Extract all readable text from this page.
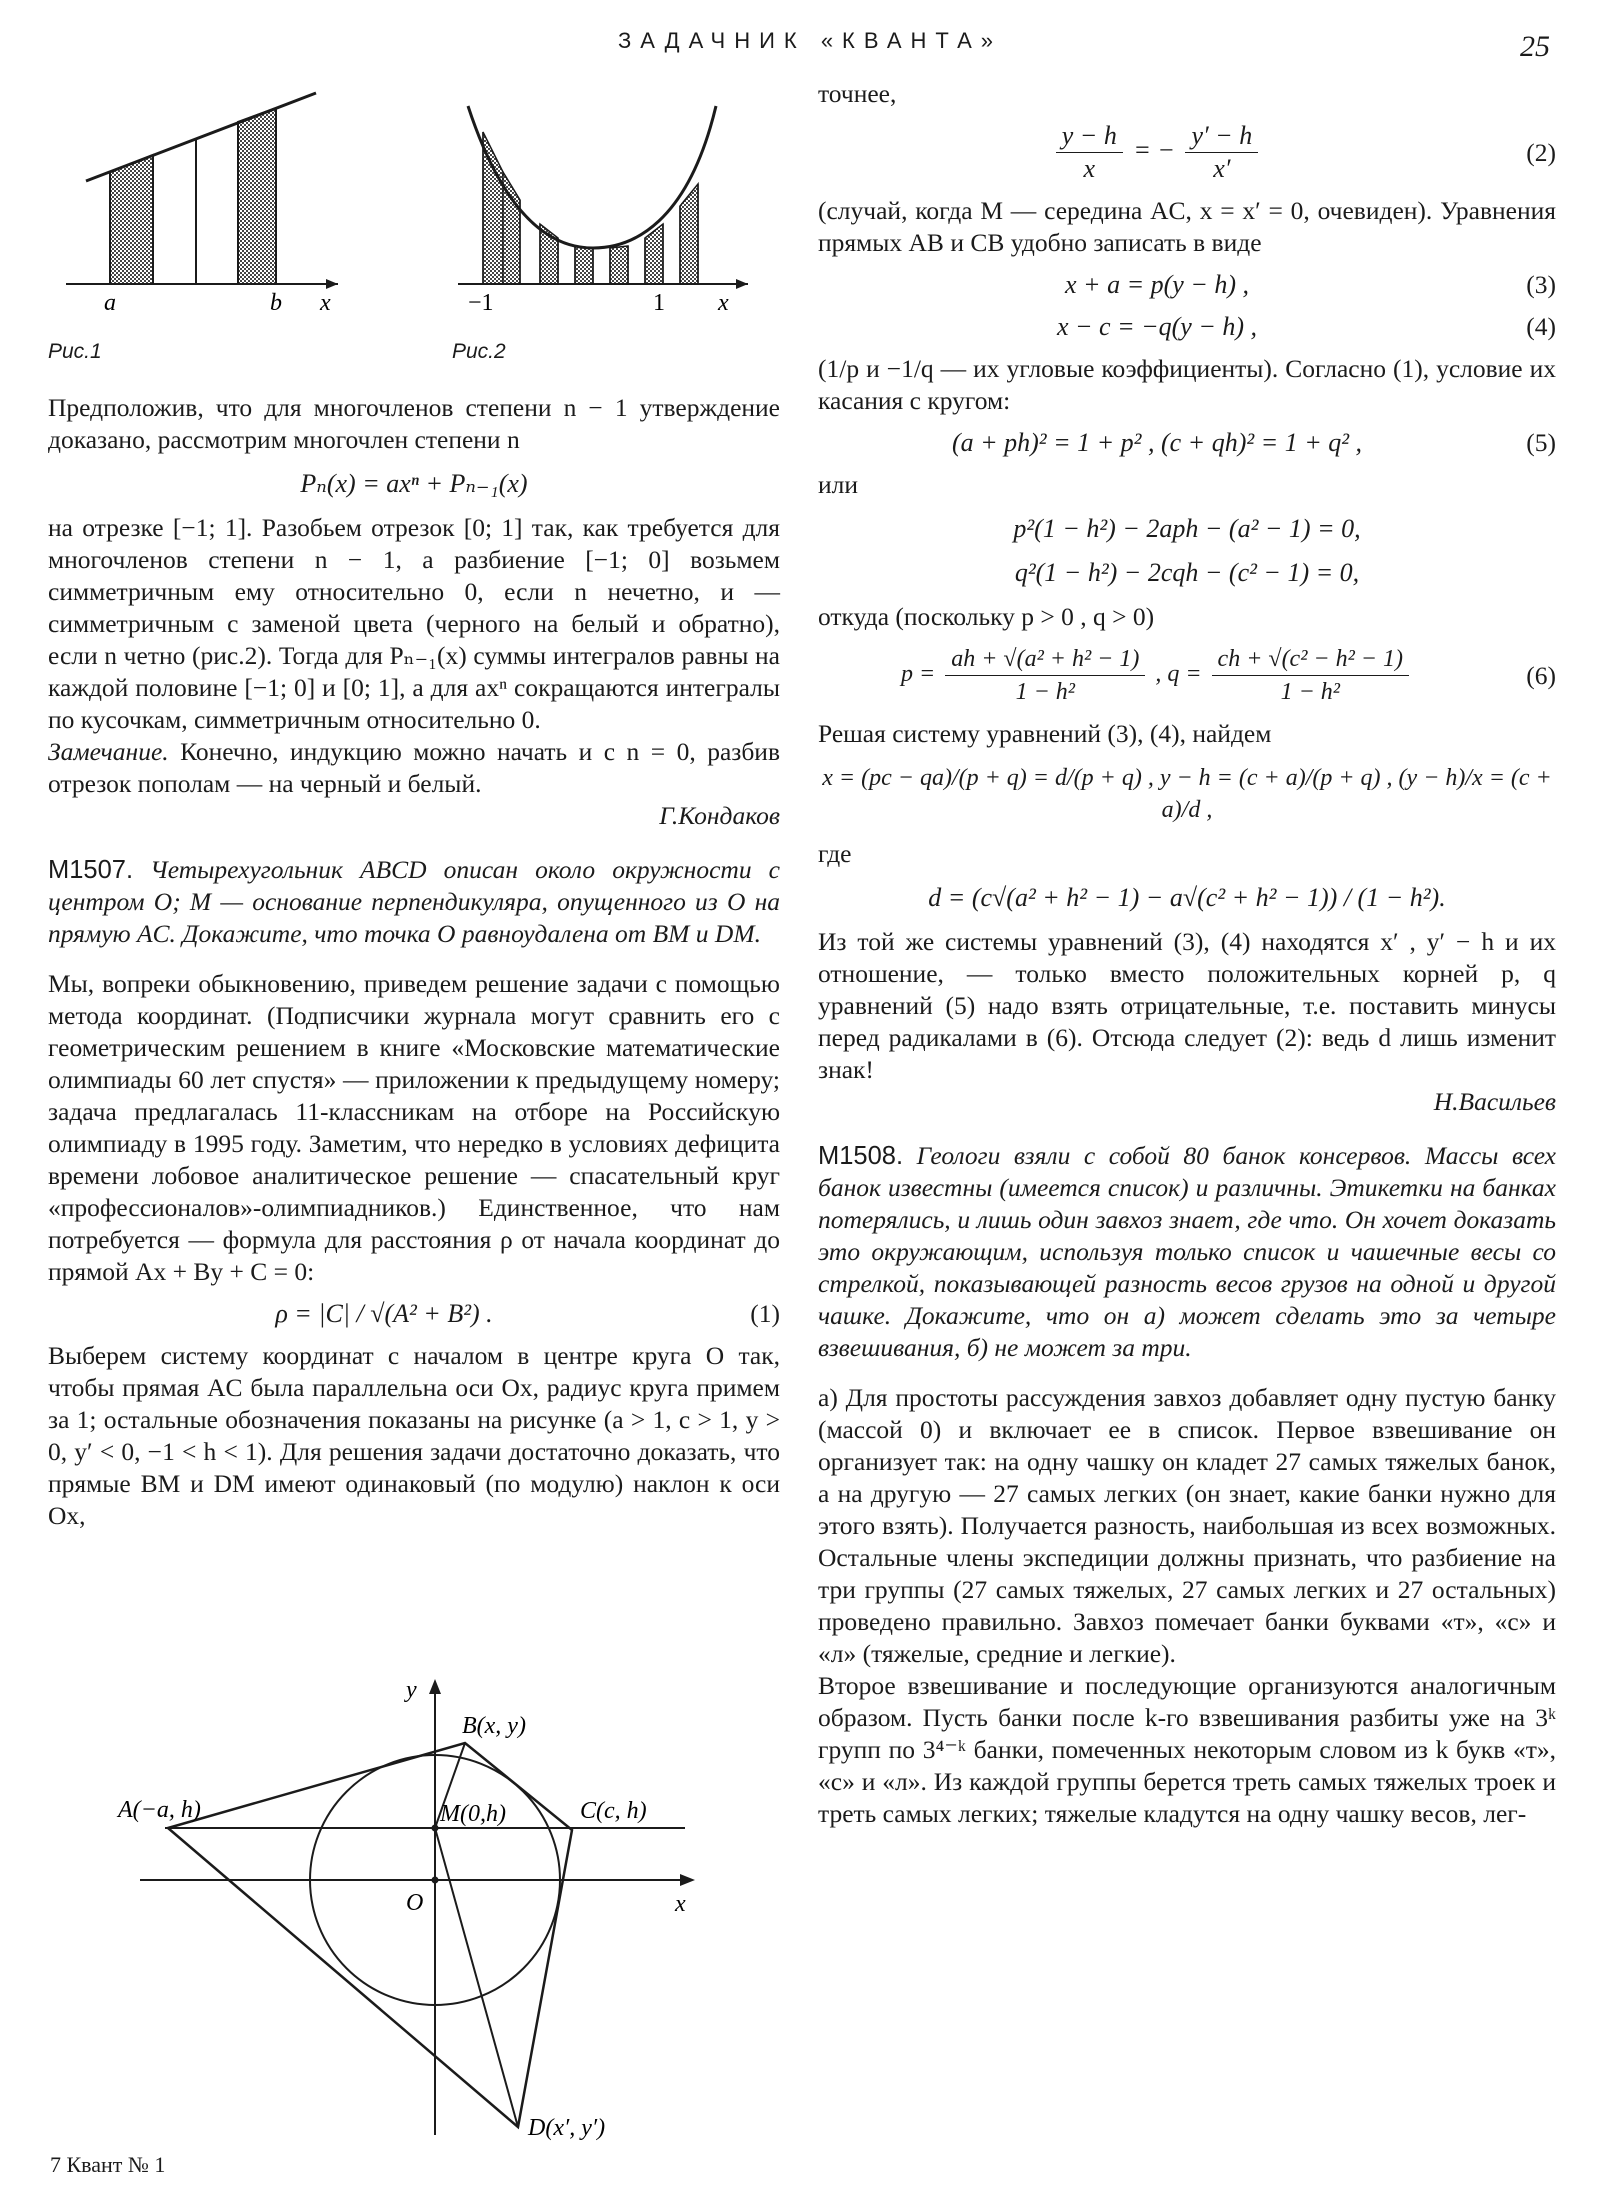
ЗАДАЧНИК «КВАНТА»	25
7 Квант № 1
a	b x
Рис.1
−1	1 x
Рис.2

Предположив, что для многочленов степени n − 1 утверждение доказано, рассмотрим многочлен степени n

Pₙ(x) = axⁿ + Pₙ₋₁(x)

на отрезке [−1; 1]. Разобьем отрезок [0; 1] так, как требуется для многочленов степени n − 1, а разбиение [−1; 0] возьмем симметричным ему относительно 0, если n нечетно, и — симметричным с заменой цвета (черного на белый и обратно), если n четно (рис.2). Тогда для Pₙ₋₁(x) суммы интегралов равны на каждой половине [−1; 0] и [0; 1], а для axⁿ сокращаются интегралы по кусочкам, симметричным относительно 0.

Замечание. Конечно, индукцию можно начать и с n = 0, разбив отрезок пополам — на черный и белый.

Г.Кондаков

М1507. Четырехугольник ABCD описан около окружности с центром O; M — основание перпендикуляра, опущенного из O на прямую AC. Докажите, что точка O равноудалена от BM и DM.

Мы, вопреки обыкновению, приведем решение задачи с помощью метода координат. (Подписчики журнала могут сравнить его с геометрическим решением в книге «Московские математические олимпиады 60 лет спустя» — приложении к предыдущему номеру; задача предлагалась 11-классникам на отборе на Российскую олимпиаду в 1995 году. Заметим, что нередко в условиях дефицита времени лобовое аналитическое решение — спасательный круг «профессионалов»-олимпиадников.) Единственное, что нам потребуется — формула для расстояния ρ от начала координат до прямой Ax + By + C = 0:

ρ = |C| / √(A² + B²) .	(1)

Выберем систему координат с началом в центре круга O так, чтобы прямая AC была параллельна оси Ox, радиус круга примем за 1; остальные обозначения показаны на рисунке (a > 1, c > 1, y > 0, y′ < 0, −1 < h < 1). Для решения задачи достаточно доказать, что прямые BM и DM имеют одинаковый (по модулю) наклон к оси Ox,

A(−a, h)
B(x, y)
C(c, h)
M(0,h)
O
D(x′, y′)
x
y

точнее,

$\frac{y - h}{x}$ = − $\frac{y' - h}{x'}$	(2)

(случай, когда M — середина AC, x = x′ = 0, очевиден). Уравнения прямых AB и CB удобно записать в виде

x + a = p(y − h) ,	(3)
x − c = −q(y − h) ,	(4)

(1/p и −1/q — их угловые коэффициенты). Согласно (1), условие их касания с кругом:

(a + ph)² = 1 + p² , (c + qh)² = 1 + q² ,	(5)

или

p²(1 − h²) − 2aph − (a² − 1) = 0,

q²(1 − h²) − 2cqh − (c² − 1) = 0,

откуда (поскольку p > 0 , q > 0)

$p = \frac{\text{ah + √(a² + h² − 1)}}{\text{1 − h²}}$ , $q = \frac{\text{ch + √(c² − h² − 1)}}{\text{1 − h²}}$	(6)

Решая систему уравнений (3), (4), найдем

x = (pc − qa)/(p + q) = d/(p + q) , y − h = (c + a)/(p + q) , (y − h)/x = (c + a)/d ,

где

d = (c√(a² + h² − 1) − a√(c² + h² − 1)) / (1 − h²).

Из той же системы уравнений (3), (4) находятся x′ , y′ − h и их отношение, — только вместо положительных корней p, q уравнений (5) надо взять отрицательные, т.е. поставить минусы перед радикалами в (6). Отсюда следует (2): ведь d лишь изменит знак!

Н.Васильев

М1508. Геологи взяли с собой 80 банок консервов. Массы всех банок известны (имеется список) и различны. Этикетки на банках потерялись, и лишь один завхоз знает, где что. Он хочет доказать это окружающим, используя только список и чашечные весы со стрелкой, показывающей разность весов грузов на одной и другой чашке. Докажите, что он а) может сделать это за четыре взвешивания, б) не может за три.

а) Для простоты рассуждения завхоз добавляет одну пустую банку (массой 0) и включает ее в список. Первое взвешивание он организует так: на одну чашку он кладет 27 самых тяжелых банок, а на другую — 27 самых легких (он знает, какие банки нужно для этого взять). Получается разность, наибольшая из всех возможных. Остальные члены экспедиции должны признать, что разбиение на три группы (27 самых тяжелых, 27 самых легких и 27 остальных) проведено правильно. Завхоз помечает банки буквами «т», «с» и «л» (тяжелые, средние и легкие).

Второе взвешивание и последующие организуются аналогичным образом. Пусть банки после k-го взвешивания разбиты уже на 3ᵏ групп по 3⁴⁻ᵏ банки, помеченных некоторым словом из k букв «т», «с» и «л». Из каждой группы берется треть самых тяжелых троек и треть самых легких; тяжелые кладутся на одну чашку весов, лег-
